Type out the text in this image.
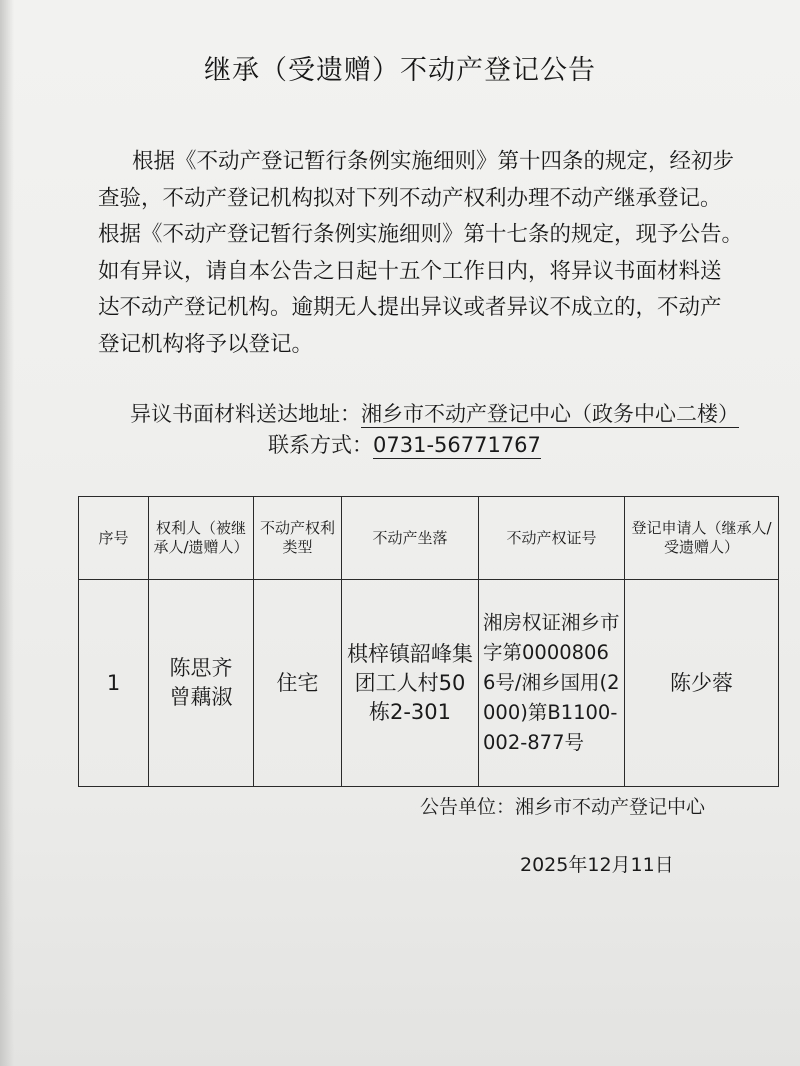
继承（受遗赠）不动产登记公告
根据《不动产登记暂行条例实施细则》第十四条的规定，经初步
查验，不动产登记机构拟对下列不动产权利办理不动产继承登记。
根据《不动产登记暂行条例实施细则》第十七条的规定，现予公告。
如有异议，请自本公告之日起十五个工作日内，将异议书面材料送
达不动产登记机构。逾期无人提出异议或者异议不成立的，不动产
登记机构将予以登记。
异议书面材料送达地址：湘乡市不动产登记中心（政务中心二楼）
联系方式：0731-56771767
序号	权利人（被继承人/遗赠人）	不动产权利类型	不动产坐落	不动产权证号	登记申请人（继承人/受遗赠人）
1	陈思齐曾藕淑	住宅	棋梓镇韶峰集团工人村50栋2-301	湘房权证湘乡市字第00008066号/湘乡国用(2000)第B1100-002-877号	陈少蓉
公告单位：湘乡市不动产登记中心
2025年12月11日
